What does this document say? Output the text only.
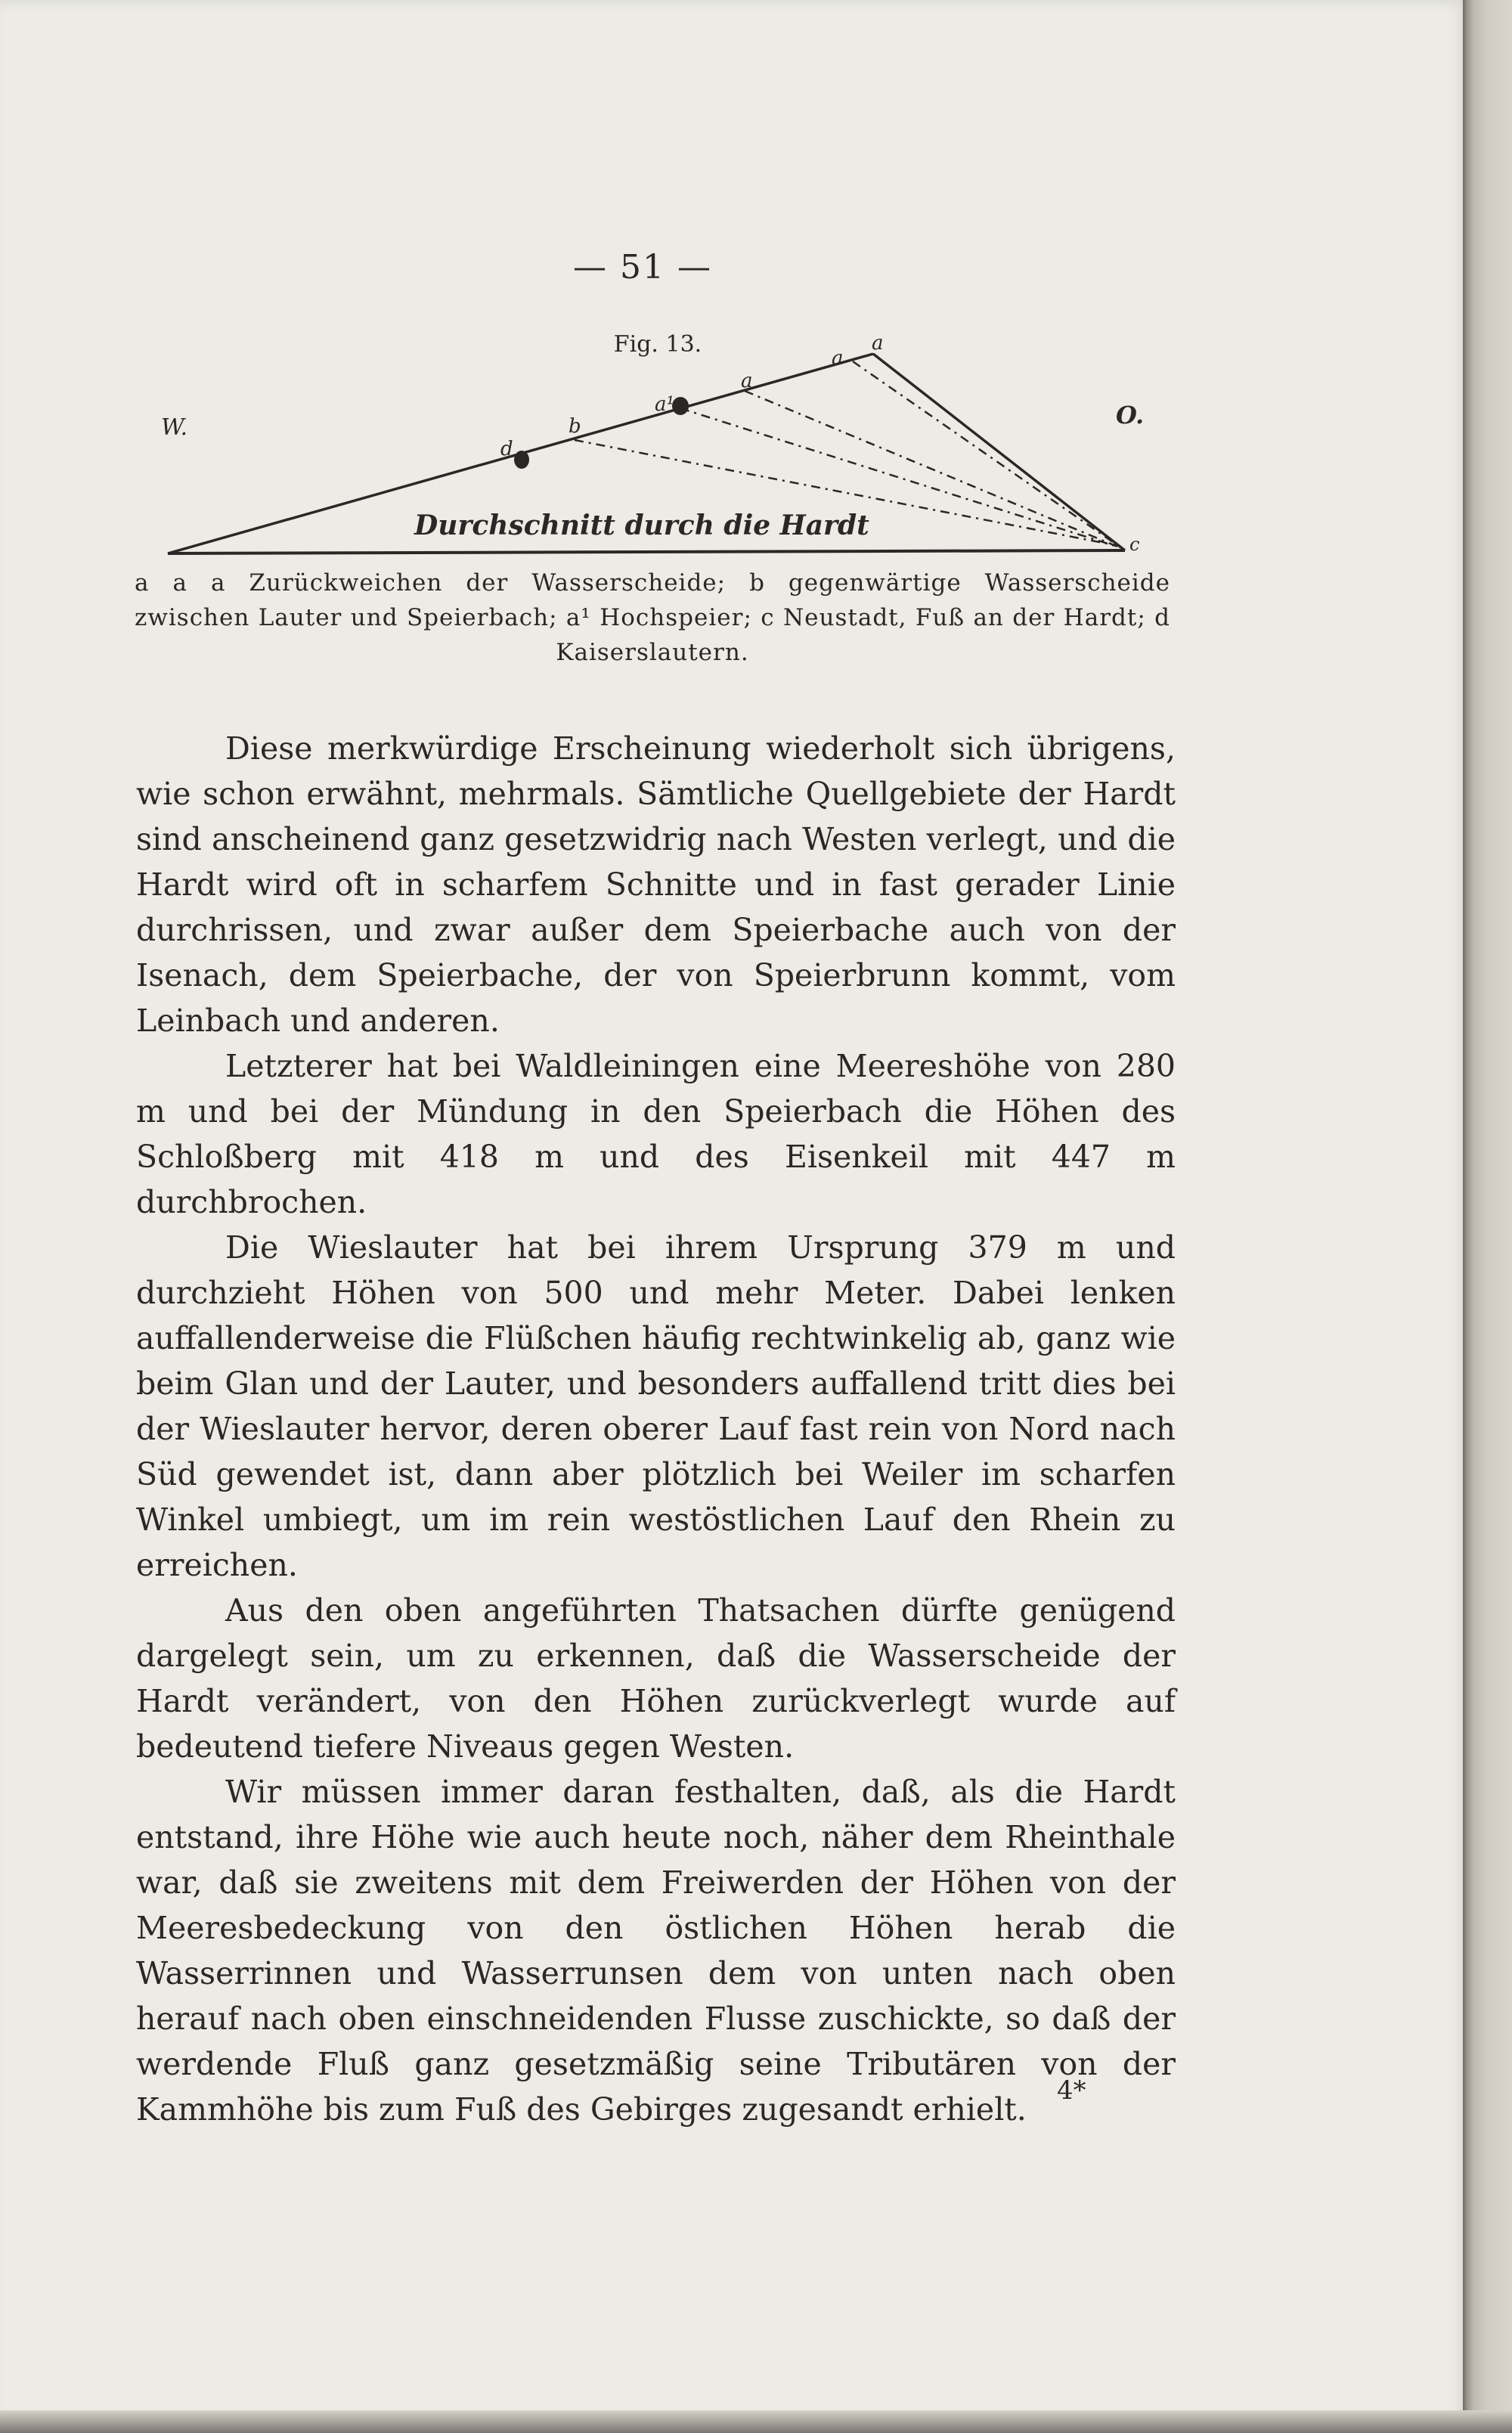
— 51 —
Fig. 13.
W.	O.
a
a
a
a¹
b
d
c
Durchschnitt durch die Hardt
a a a Zurückweichen der Wasserscheide; b gegenwärtige Wasserscheide zwischen Lauter und Speierbach; a¹ Hochspeier; c Neustadt, Fuß an der Hardt; d Kaiserslautern.

Diese merkwürdige Erscheinung wiederholt sich übrigens, wie schon erwähnt, mehrmals. Sämtliche Quellgebiete der Hardt sind anscheinend ganz gesetzwidrig nach Westen verlegt, und die Hardt wird oft in scharfem Schnitte und in fast gerader Linie durchrissen, und zwar außer dem Speierbache auch von der Isenach, dem Speierbache, der von Speierbrunn kommt, vom Leinbach und anderen.

Letzterer hat bei Waldleiningen eine Meereshöhe von 280 m und bei der Mündung in den Speierbach die Höhen des Schloßberg mit 418 m und des Eisenkeil mit 447 m durchbrochen.

Die Wieslauter hat bei ihrem Ursprung 379 m und durchzieht Höhen von 500 und mehr Meter. Dabei lenken auffallenderweise die Flüßchen häufig rechtwinkelig ab, ganz wie beim Glan und der Lauter, und besonders auffallend tritt dies bei der Wieslauter hervor, deren oberer Lauf fast rein von Nord nach Süd gewendet ist, dann aber plötzlich bei Weiler im scharfen Winkel umbiegt, um im rein westöstlichen Lauf den Rhein zu erreichen.

Aus den oben angeführten Thatsachen dürfte genügend dargelegt sein, um zu erkennen, daß die Wasserscheide der Hardt verändert, von den Höhen zurückverlegt wurde auf bedeutend tiefere Niveaus gegen Westen.

Wir müssen immer daran festhalten, daß, als die Hardt entstand, ihre Höhe wie auch heute noch, näher dem Rheinthale war, daß sie zweitens mit dem Freiwerden der Höhen von der Meeresbedeckung von den östlichen Höhen herab die Wasserrinnen und Wasserrunsen dem von unten nach oben herauf nach oben einschneidenden Flusse zuschickte, so daß der werdende Fluß ganz gesetzmäßig seine Tributären von der Kammhöhe bis zum Fuß des Gebirges zugesandt erhielt.

4*
